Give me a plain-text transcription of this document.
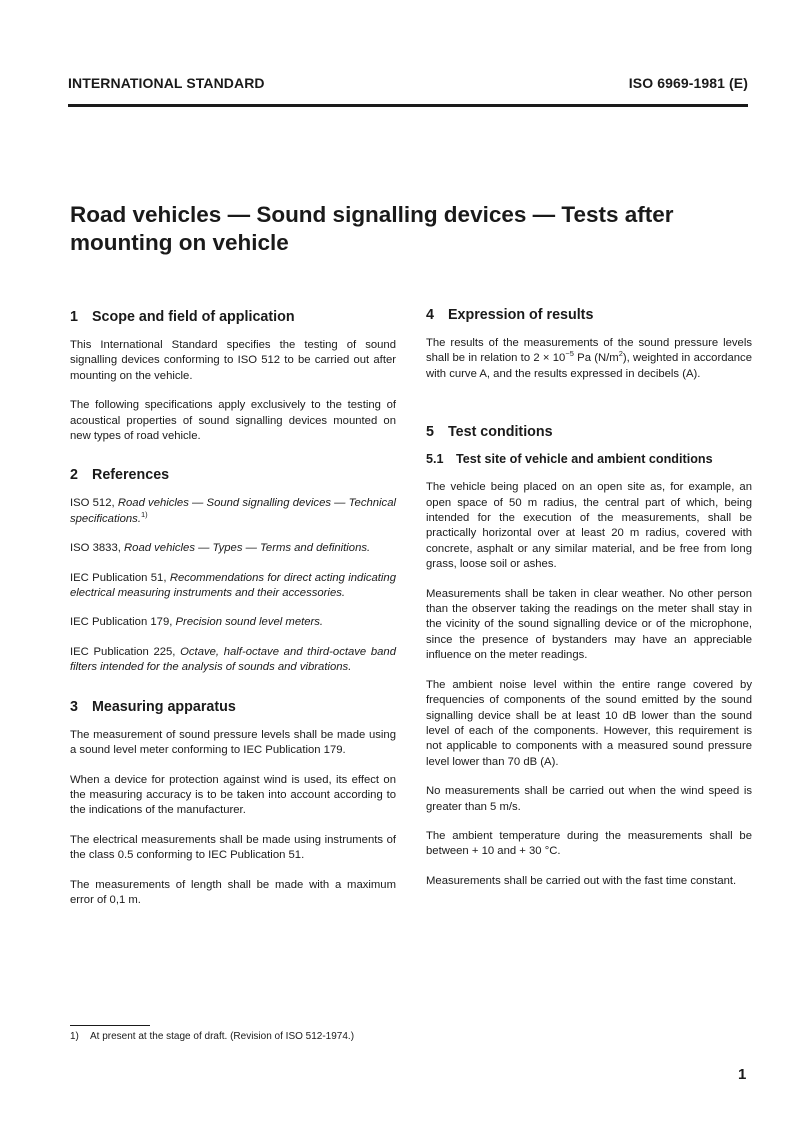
INTERNATIONAL STANDARD	ISO 6969-1981 (E)
Road vehicles — Sound signalling devices — Tests after
mounting on vehicle
1 Scope and field of application

This International Standard specifies the testing of sound signalling devices conforming to ISO 512 to be carried out after mounting on the vehicle.

The following specifications apply exclusively to the testing of acoustical properties of sound signalling devices mounted on new types of road vehicle.

2 References

ISO 512, Road vehicles — Sound signalling devices — Technical specifications.$^{1)}$

ISO 3833, Road vehicles — Types — Terms and definitions.

IEC Publication 51, Recommendations for direct acting indicating electrical measuring instruments and their accessories.

IEC Publication 179, Precision sound level meters.

IEC Publication 225, Octave, half-octave and third-octave band filters intended for the analysis of sounds and vibrations.

3 Measuring apparatus

The measurement of sound pressure levels shall be made using a sound level meter conforming to IEC Publication 179.

When a device for protection against wind is used, its effect on the measuring accuracy is to be taken into account according to the indications of the manufacturer.

The electrical measurements shall be made using instruments of the class 0.5 conforming to IEC Publication 51.

The measurements of length shall be made with a maximum error of 0,1 m.

4 Expression of results

The results of the measurements of the sound pressure levels shall be in relation to $2 \times 10^{-5}$ Pa $(N/m^2)$, weighted in accordance with curve A, and the results expressed in decibels (A).

5 Test conditions
5.1 Test site of vehicle and ambient conditions

The vehicle being placed on an open site as, for example, an open space of 50 m radius, the central part of which, being intended for the execution of the measurements, shall be practically horizontal over at least 20 m radius, covered with concrete, asphalt or any similar material, and be free from long grass, loose soil or ashes.

Measurements shall be taken in clear weather. No other person than the observer taking the readings on the meter shall stay in the vicinity of the sound signalling device or of the microphone, since the presence of bystanders may have an appreciable influence on the meter readings.

The ambient noise level within the entire range covered by frequencies of components of the sound emitted by the sound signalling device shall be at least 10 dB lower than the sound level of each of the components. However, this requirement is not applicable to components with a measured sound pressure level lower than 70 dB (A).

No measurements shall be carried out when the wind speed is greater than 5 m/s.

The ambient temperature during the measurements shall be between + 10 and + 30 °C.

Measurements shall be carried out with the fast time constant.

1) At present at the stage of draft. (Revision of ISO 512-1974.)
1
